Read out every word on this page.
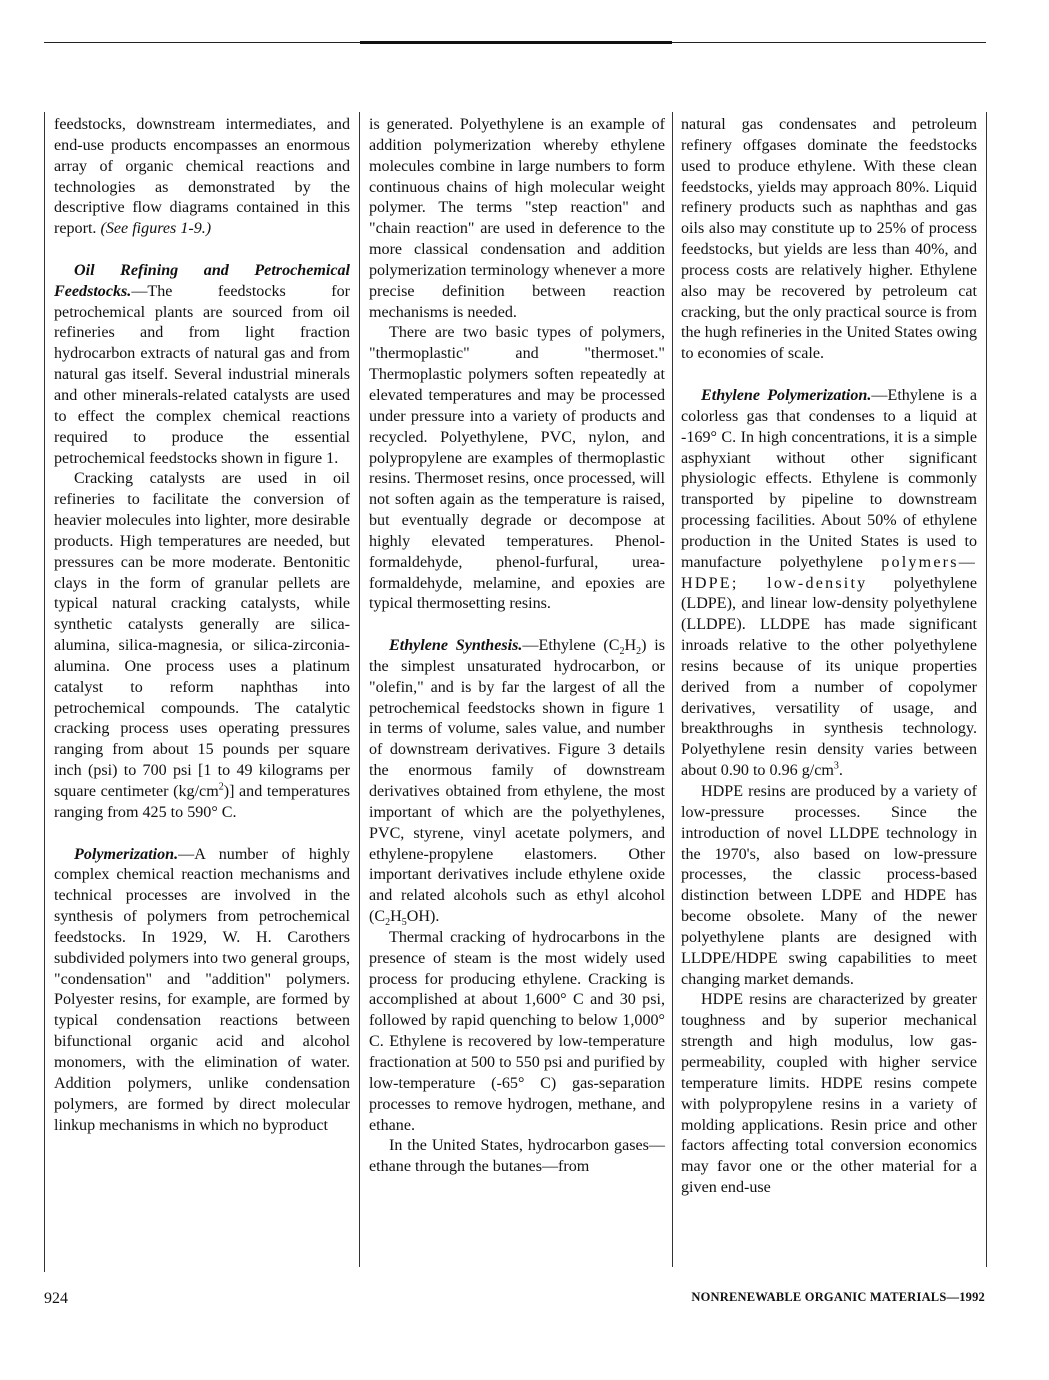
feedstocks, downstream intermediates, and end-use products encompasses an enormous array of organic chemical reactions and technologies as demonstrated by the descriptive flow diagrams contained in this report. (See figures 1-9.)

Oil Refining and Petrochemical Feedstocks.—The feedstocks for petrochemical plants are sourced from oil refineries and from light fraction hydrocarbon extracts of natural gas and from natural gas itself. Several industrial minerals and other minerals-related catalysts are used to effect the complex chemical reactions required to produce the essential petrochemical feedstocks shown in figure 1.

Cracking catalysts are used in oil refineries to facilitate the conversion of heavier molecules into lighter, more desirable products. High temperatures are needed, but pressures can be more moderate. Bentonitic clays in the form of granular pellets are typical natural cracking catalysts, while synthetic catalysts generally are silica-alumina, silica-magnesia, or silica-zirconia-alumina. One process uses a platinum catalyst to reform naphthas into petrochemical compounds. The catalytic cracking process uses operating pressures ranging from about 15 pounds per square inch (psi) to 700 psi [1 to 49 kilograms per square centimeter $(kg/cm^2)$] and temperatures ranging from 425 to 590° C.

Polymerization.—A number of highly complex chemical reaction mechanisms and technical processes are involved in the synthesis of polymers from petrochemical feedstocks. In 1929, W. H. Carothers subdivided polymers into two general groups, "condensation" and "addition" polymers. Polyester resins, for example, are formed by typical condensation reactions between bifunctional organic acid and alcohol monomers, with the elimination of water. Addition polymers, unlike condensation polymers, are formed by direct molecular linkup mechanisms in which no byproduct

is generated. Polyethylene is an example of addition polymerization whereby ethylene molecules combine in large numbers to form continuous chains of high molecular weight polymer. The terms "step reaction" and "chain reaction" are used in deference to the more classical condensation and addition polymerization terminology whenever a more precise definition between reaction mechanisms is needed.

There are two basic types of polymers, "thermoplastic" and "thermoset." Thermoplastic polymers soften repeatedly at elevated temperatures and may be processed under pressure into a variety of products and recycled. Polyethylene, PVC, nylon, and polypropylene are examples of thermoplastic resins. Thermoset resins, once processed, will not soften again as the temperature is raised, but eventually degrade or decompose at highly elevated temperatures. Phenol-formaldehyde, phenol-furfural, urea-formaldehyde, melamine, and epoxies are typical thermosetting resins.

Ethylene Synthesis.—Ethylene $(C_2H_2)$ is the simplest unsaturated hydrocarbon, or "olefin," and is by far the largest of all the petrochemical feedstocks shown in figure 1 in terms of volume, sales value, and number of downstream derivatives. Figure 3 details the enormous family of downstream derivatives obtained from ethylene, the most important of which are the polyethylenes, PVC, styrene, vinyl acetate polymers, and ethylene-propylene elastomers. Other important derivatives include ethylene oxide and related alcohols such as ethyl alcohol $(C_2H_5OH)$.

Thermal cracking of hydrocarbons in the presence of steam is the most widely used process for producing ethylene. Cracking is accomplished at about 1,600° C and 30 psi, followed by rapid quenching to below 1,000° C. Ethylene is recovered by low-temperature fractionation at 500 to 550 psi and purified by low-temperature (-65° C) gas-separation processes to remove hydrogen, methane, and ethane.

In the United States, hydrocarbon gases—ethane through the butanes—from

natural gas condensates and petroleum refinery offgases dominate the feedstocks used to produce ethylene. With these clean feedstocks, yields may approach 80%. Liquid refinery products such as naphthas and gas oils also may constitute up to 25% of process feedstocks, but yields are less than 40%, and process costs are relatively higher. Ethylene also may be recovered by petroleum cat cracking, but the only practical source is from the hugh refineries in the United States owing to economies of scale.

Ethylene Polymerization.—Ethylene is a colorless gas that condenses to a liquid at -169° C. In high concentrations, it is a simple asphyxiant without other significant physiologic effects. Ethylene is commonly transported by pipeline to downstream processing facilities. About 50% of ethylene production in the United States is used to manufacture polyethylene polymers—HDPE; low-density polyethylene (LDPE), and linear low-density polyethylene (LLDPE). LLDPE has made significant inroads relative to the other polyethylene resins because of its unique properties derived from a number of copolymer derivatives, versatility of usage, and breakthroughs in synthesis technology. Polyethylene resin density varies between about 0.90 to 0.96 $g/cm^3$.

HDPE resins are produced by a variety of low-pressure processes. Since the introduction of novel LLDPE technology in the 1970's, also based on low-pressure processes, the classic process-based distinction between LDPE and HDPE has become obsolete. Many of the newer polyethylene plants are designed with LLDPE/HDPE swing capabilities to meet changing market demands.

HDPE resins are characterized by greater toughness and by superior mechanical strength and high modulus, low gas-permeability, coupled with higher service temperature limits. HDPE resins compete with polypropylene resins in a variety of molding applications. Resin price and other factors affecting total conversion economics may favor one or the other material for a given end-use

924	NONRENEWABLE ORGANIC MATERIALS—1992
